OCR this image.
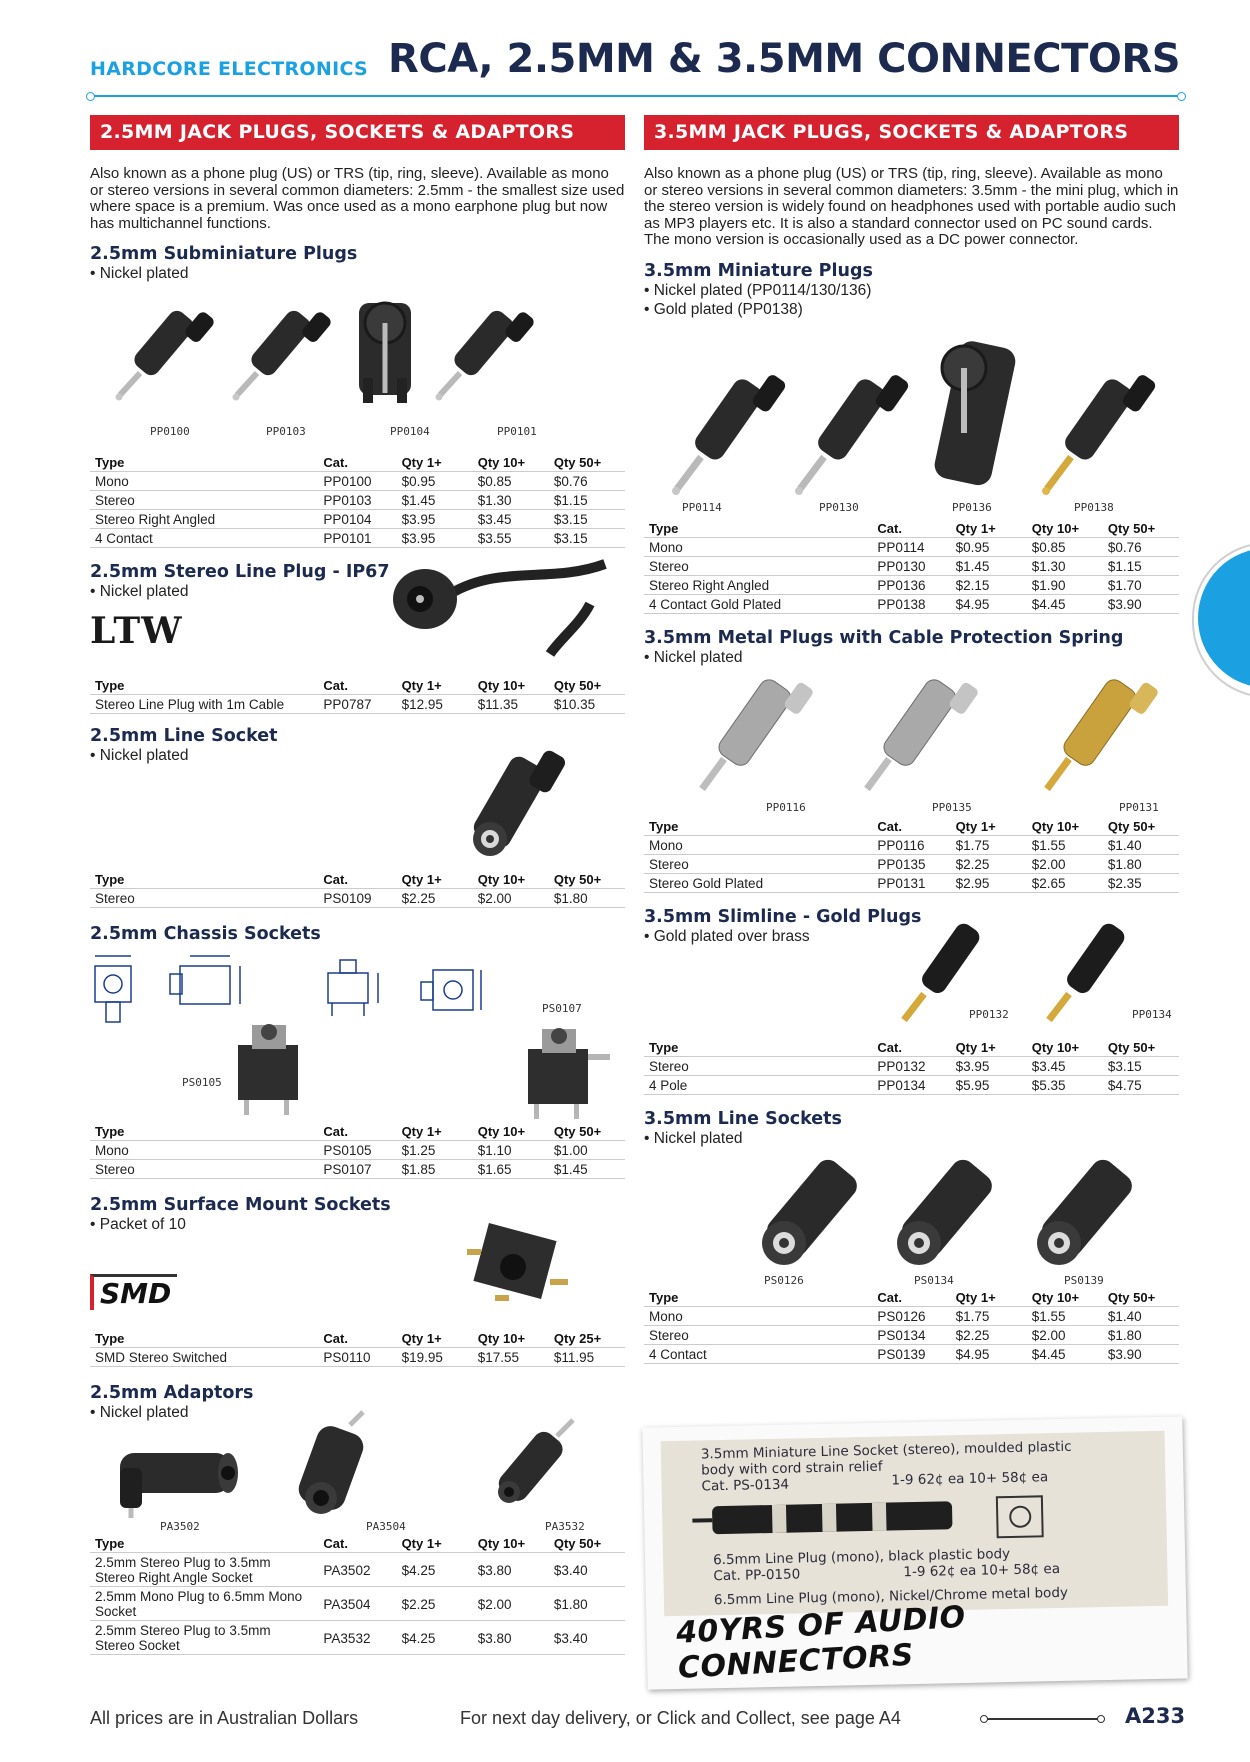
HARDCORE ELECTRONICS RCA, 2.5MM & 3.5MM CONNECTORS
2.5MM JACK PLUGS, SOCKETS & ADAPTORS

Also known as a phone plug (US) or TRS (tip, ring, sleeve). Available as mono or stereo versions in several common diameters: 2.5mm - the smallest size used where space is a premium. Was once used as a mono earphone plug but now has multichannel functions.

2.5mm Subminiature Plugs
• Nickel plated
PP0100	PP0103	PP0104	PP0101
Type	Cat.	Qty 1+	Qty 10+	Qty 50+
Mono	PP0100	$0.95	$0.85	$0.76
Stereo	PP0103	$1.45	$1.30	$1.15
Stereo Right Angled	PP0104	$3.95	$3.45	$3.15
4 Contact	PP0101	$3.95	$3.55	$3.15
2.5mm Stereo Line Plug - IP67
• Nickel plated
LTW
Type	Cat.	Qty 1+	Qty 10+	Qty 50+
Stereo Line Plug with 1m Cable	PP0787	$12.95	$11.35	$10.35
2.5mm Line Socket
• Nickel plated
Type	Cat.	Qty 1+	Qty 10+	Qty 50+
Stereo	PS0109	$2.25	$2.00	$1.80
2.5mm Chassis Sockets
PS0107
PS0105
Type	Cat.	Qty 1+	Qty 10+	Qty 50+
Mono	PS0105	$1.25	$1.10	$1.00
Stereo	PS0107	$1.85	$1.65	$1.45
2.5mm Surface Mount Sockets
• Packet of 10
SMD
Type	Cat.	Qty 1+	Qty 10+	Qty 25+
SMD Stereo Switched	PS0110	$19.95	$17.55	$11.95
2.5mm Adaptors
• Nickel plated
PA3502	PA3504	PA3532
Type	Cat.	Qty 1+	Qty 10+	Qty 50+
2.5mm Stereo Plug to 3.5mm Stereo Right Angle Socket	PA3502	$4.25	$3.80	$3.40
2.5mm Mono Plug to 6.5mm Mono Socket	PA3504	$2.25	$2.00	$1.80
2.5mm Stereo Plug to 3.5mm Stereo Socket	PA3532	$4.25	$3.80	$3.40
3.5MM JACK PLUGS, SOCKETS & ADAPTORS

Also known as a phone plug (US) or TRS (tip, ring, sleeve). Available as mono or stereo versions in several common diameters: 3.5mm - the mini plug, which in the stereo version is widely found on headphones used with portable audio such as MP3 players etc. It is also a standard connector used on PC sound cards. The mono version is occasionally used as a DC power connector.

3.5mm Miniature Plugs
• Nickel plated (PP0114/130/136)
• Gold plated (PP0138)
PP0114	PP0130	PP0136	PP0138
Type	Cat.	Qty 1+	Qty 10+	Qty 50+
Mono	PP0114	$0.95	$0.85	$0.76
Stereo	PP0130	$1.45	$1.30	$1.15
Stereo Right Angled	PP0136	$2.15	$1.90	$1.70
4 Contact Gold Plated	PP0138	$4.95	$4.45	$3.90
3.5mm Metal Plugs with Cable Protection Spring
• Nickel plated
PP0116	PP0135	PP0131
Type	Cat.	Qty 1+	Qty 10+	Qty 50+
Mono	PP0116	$1.75	$1.55	$1.40
Stereo	PP0135	$2.25	$2.00	$1.80
Stereo Gold Plated	PP0131	$2.95	$2.65	$2.35
3.5mm Slimline - Gold Plugs
• Gold plated over brass
PP0132	PP0134
Type	Cat.	Qty 1+	Qty 10+	Qty 50+
Stereo	PP0132	$3.95	$3.45	$3.15
4 Pole	PP0134	$5.95	$5.35	$4.75
3.5mm Line Sockets
• Nickel plated
PS0126	PS0134	PS0139
Type	Cat.	Qty 1+	Qty 10+	Qty 50+
Mono	PS0126	$1.75	$1.55	$1.40
Stereo	PS0134	$2.25	$2.00	$1.80
4 Contact	PS0139	$4.95	$4.45	$3.90
3.5mm Miniature Line Socket (stereo), moulded plastic
body with cord strain relief
Cat. PS-0134	1-9 62¢ ea 10+ 58¢ ea
6.5mm Line Plug (mono), black plastic body
Cat. PP-0150	1-9 62¢ ea 10+ 58¢ ea
6.5mm Line Plug (mono), Nickel/Chrome metal body
40YRS OF AUDIO CONNECTORS
All prices are in Australian Dollars	For next day delivery, or Click and Collect, see page A4	A233
